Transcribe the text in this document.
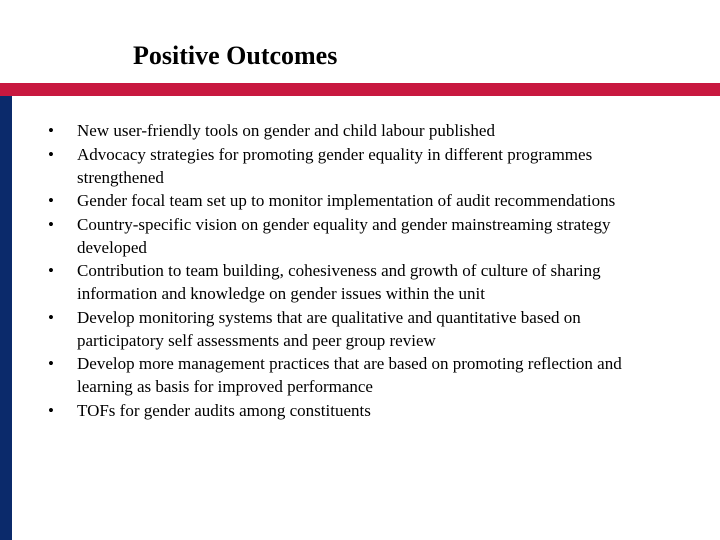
Positive Outcomes
• New user-friendly tools on gender and child labour published
• Advocacy strategies for promoting gender equality in different programmes strengthened
• Gender focal team set up to monitor implementation of audit recommendations
• Country-specific vision on gender equality and gender mainstreaming strategy developed
• Contribution to team building, cohesiveness and growth of culture of sharing information and knowledge on gender issues within the unit
• Develop monitoring systems that are qualitative and quantitative based on participatory self assessments and peer group review
• Develop more management practices that are based on promoting reflection and learning as basis for improved performance
• TOFs for gender audits among constituents
